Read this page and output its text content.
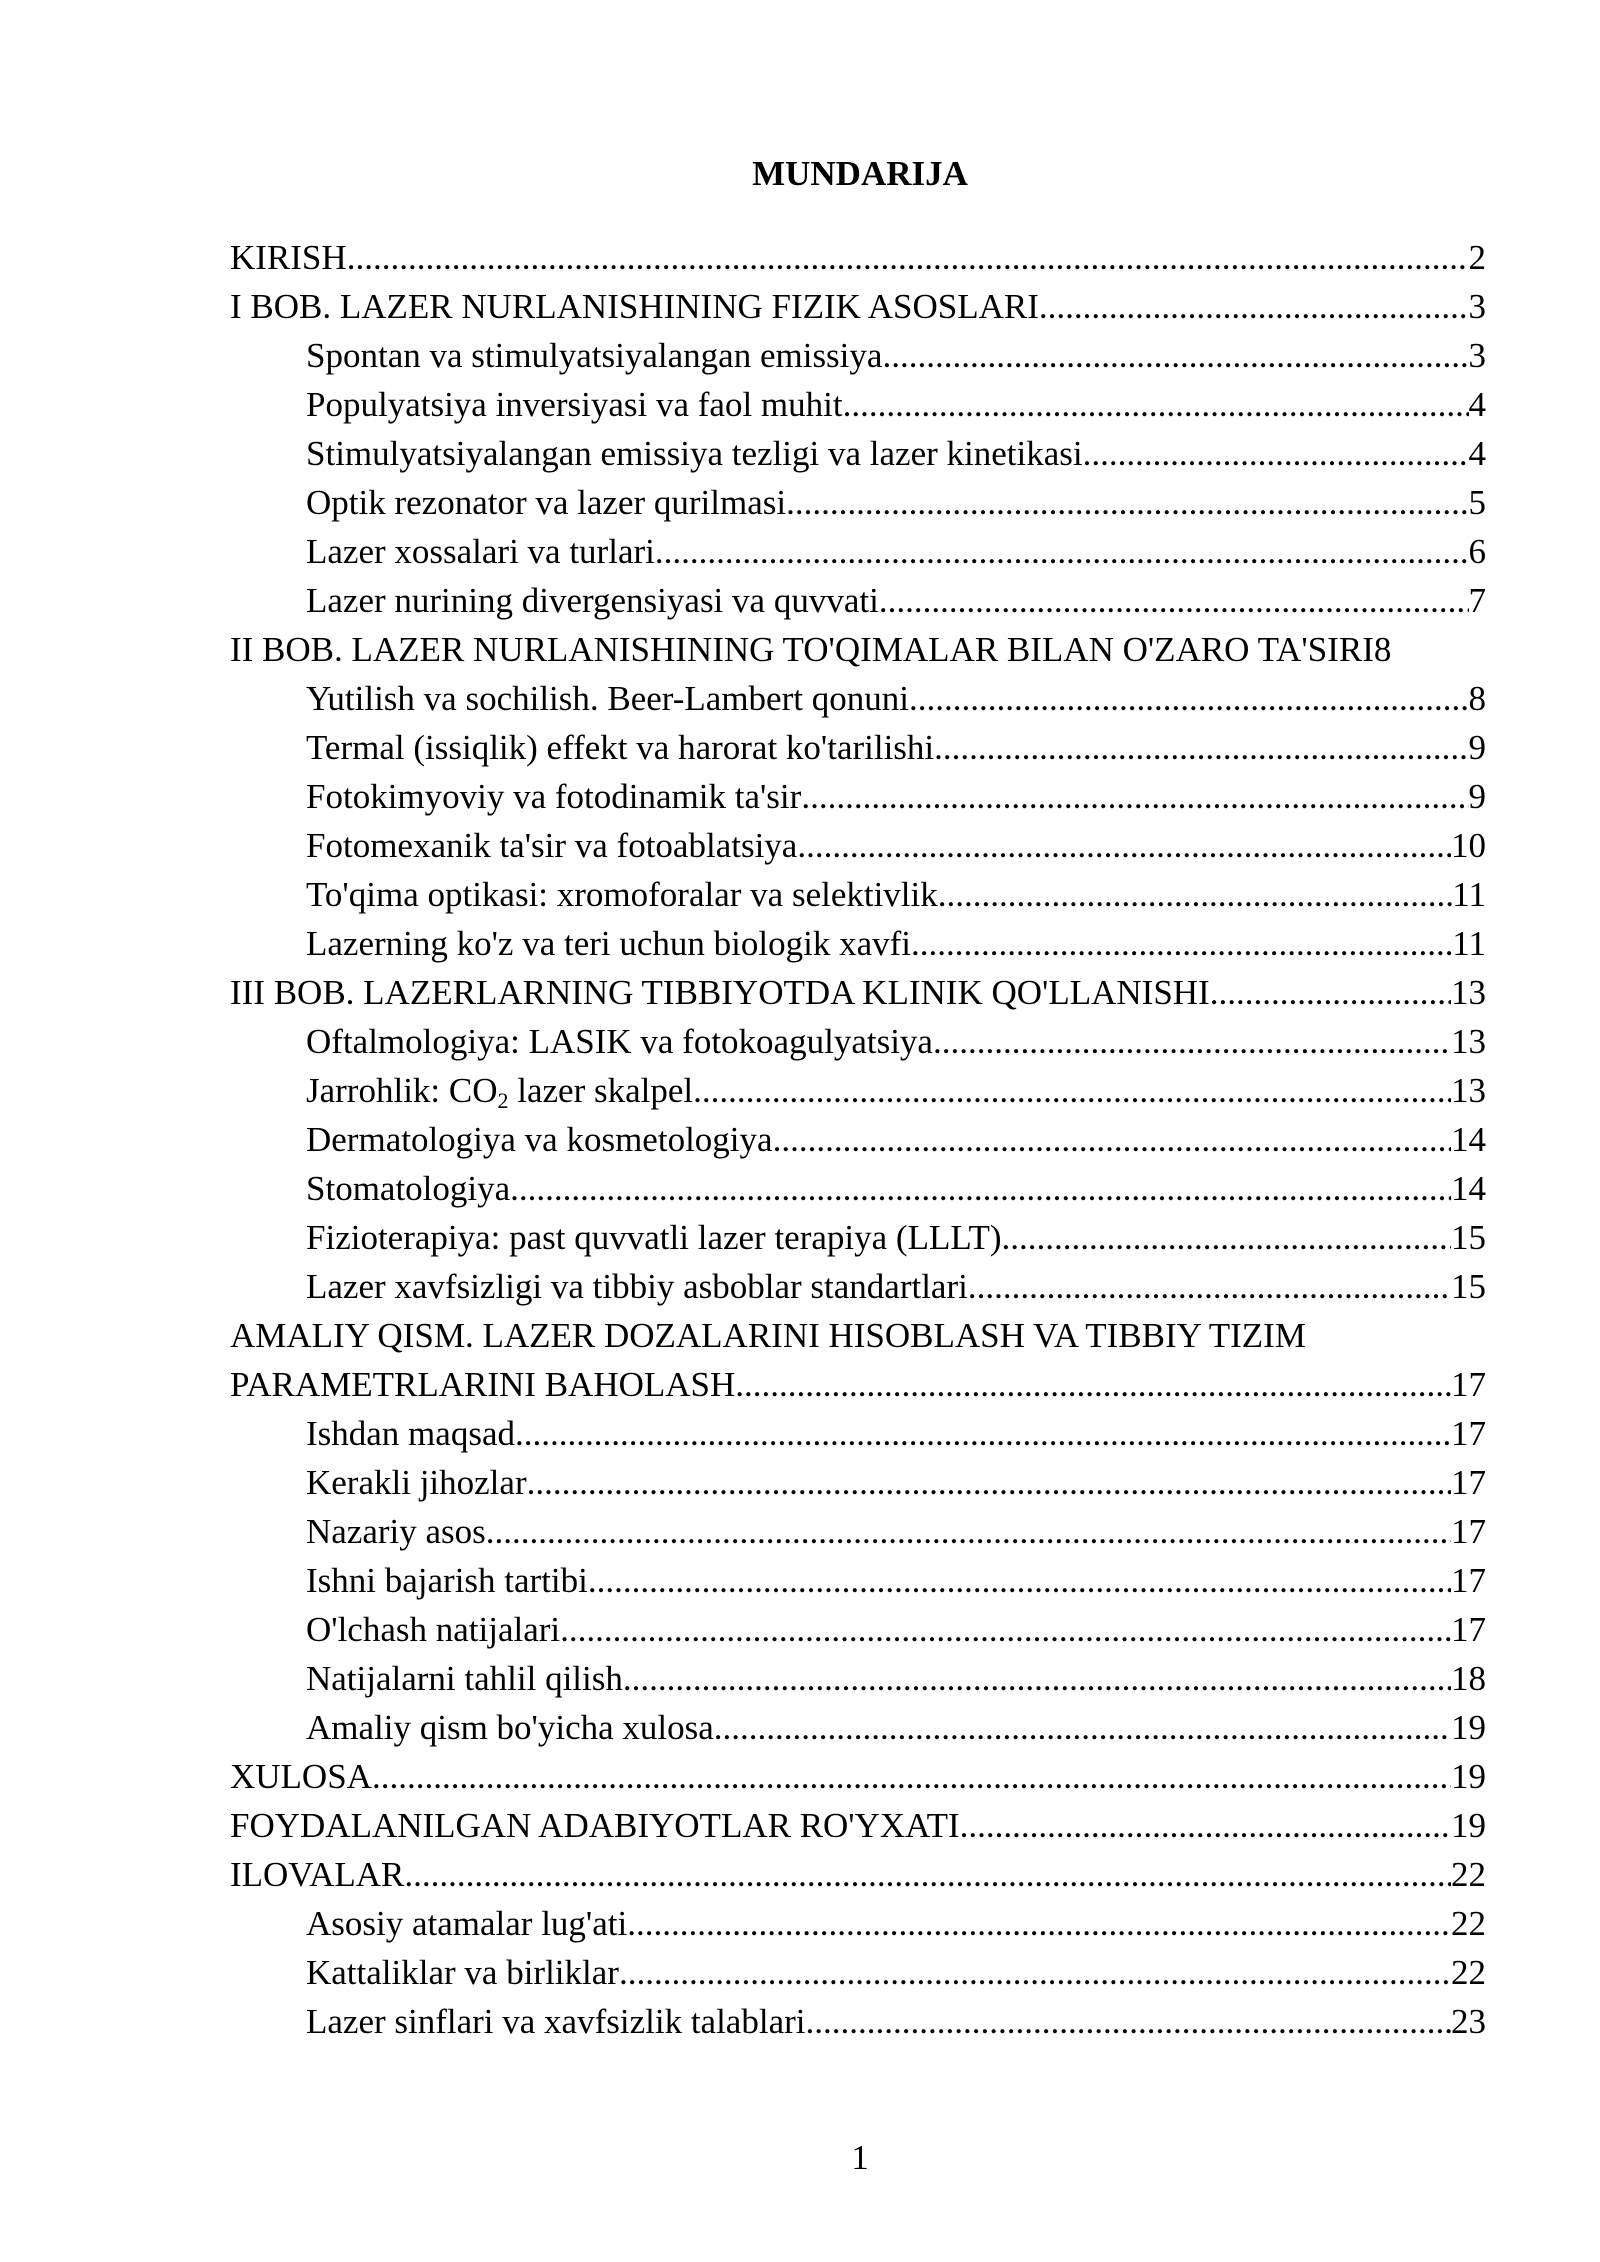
MUNDARIJA
KIRISH .....	2
I BOB. LAZER NURLANISHINING FIZIK ASOSLARI .....	3
Spontan va stimulyatsiyalangan emissiya .....	3
Populyatsiya inversiyasi va faol muhit .....	4
Stimulyatsiyalangan emissiya tezligi va lazer kinetikasi .....	4
Optik rezonator va lazer qurilmasi .....	5
Lazer xossalari va turlari .....	6
Lazer nurining divergensiyasi va quvvati .....	7
II BOB. LAZER NURLANISHINING TO'QIMALAR BILAN O'ZARO TA'SIRI 8
Yutilish va sochilish. Beer-Lambert qonuni .....	8
Termal (issiqlik) effekt va harorat ko'tarilishi .....	9
Fotokimyoviy va fotodinamik ta'sir .....	9
Fotomexanik ta'sir va fotoablatsiya .....	10
To'qima optikasi: xromoforalar va selektivlik .....	11
Lazerning ko'z va teri uchun biologik xavfi .....	11
III BOB. LAZERLARNING TIBBIYOTDA KLINIK QO'LLANISHI .....	13
Oftalmologiya: LASIK va fotokoagulyatsiya .....	13
Jarrohlik: $CO_2$ lazer skalpel .....	13
Dermatologiya va kosmetologiya .....	14
Stomatologiya .....	14
Fizioterapiya: past quvvatli lazer terapiya (LLLT) .....	15
Lazer xavfsizligi va tibbiy asboblar standartlari .....	15
AMALIY QISM. LAZER DOZALARINI HISOBLASH VA TIBBIY TIZIM
PARAMETRLARINI BAHOLASH .....	17
Ishdan maqsad .....	17
Kerakli jihozlar .....	17
Nazariy asos .....	17
Ishni bajarish tartibi .....	17
O'lchash natijalari .....	17
Natijalarni tahlil qilish .....	18
Amaliy qism bo'yicha xulosa .....	19
XULOSA .....	19
FOYDALANILGAN ADABIYOTLAR RO'YXATI .....	19
ILOVALAR .....	22
Asosiy atamalar lug'ati .....	22
Kattaliklar va birliklar .....	22
Lazer sinflari va xavfsizlik talablari .....	23
1
